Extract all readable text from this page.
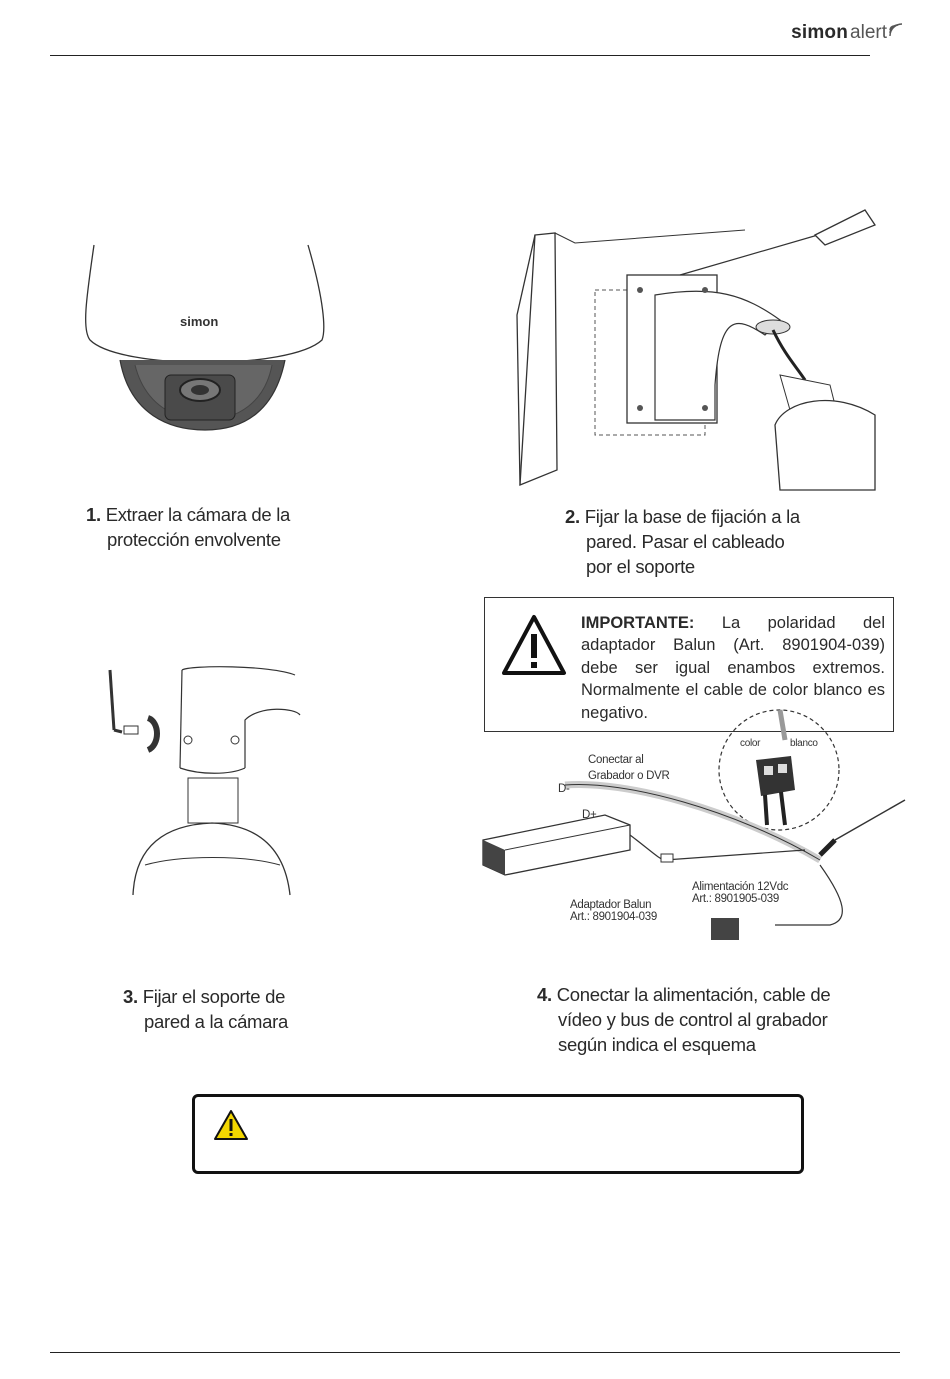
simon alert
simon
1. Extraer la cámara de la
protección envolvente
2. Fijar la base de fijación a la
pared. Pasar el cableado
por el soporte
IMPORTANTE: La polaridad del adaptador Balun (Art. 8901904-039) debe ser igual enambos extremos. Normalmente el cable de color blanco es negativo.
Conectar al
Grabador o DVR
D-
D+
color	blanco
Alimentación 12Vdc
Art.: 8901905-039
Adaptador Balun
Art.: 8901904-039
3. Fijar el soporte de
pared a la cámara
4. Conectar la alimentación, cable de
vídeo y bus de control al grabador
según indica el esquema
